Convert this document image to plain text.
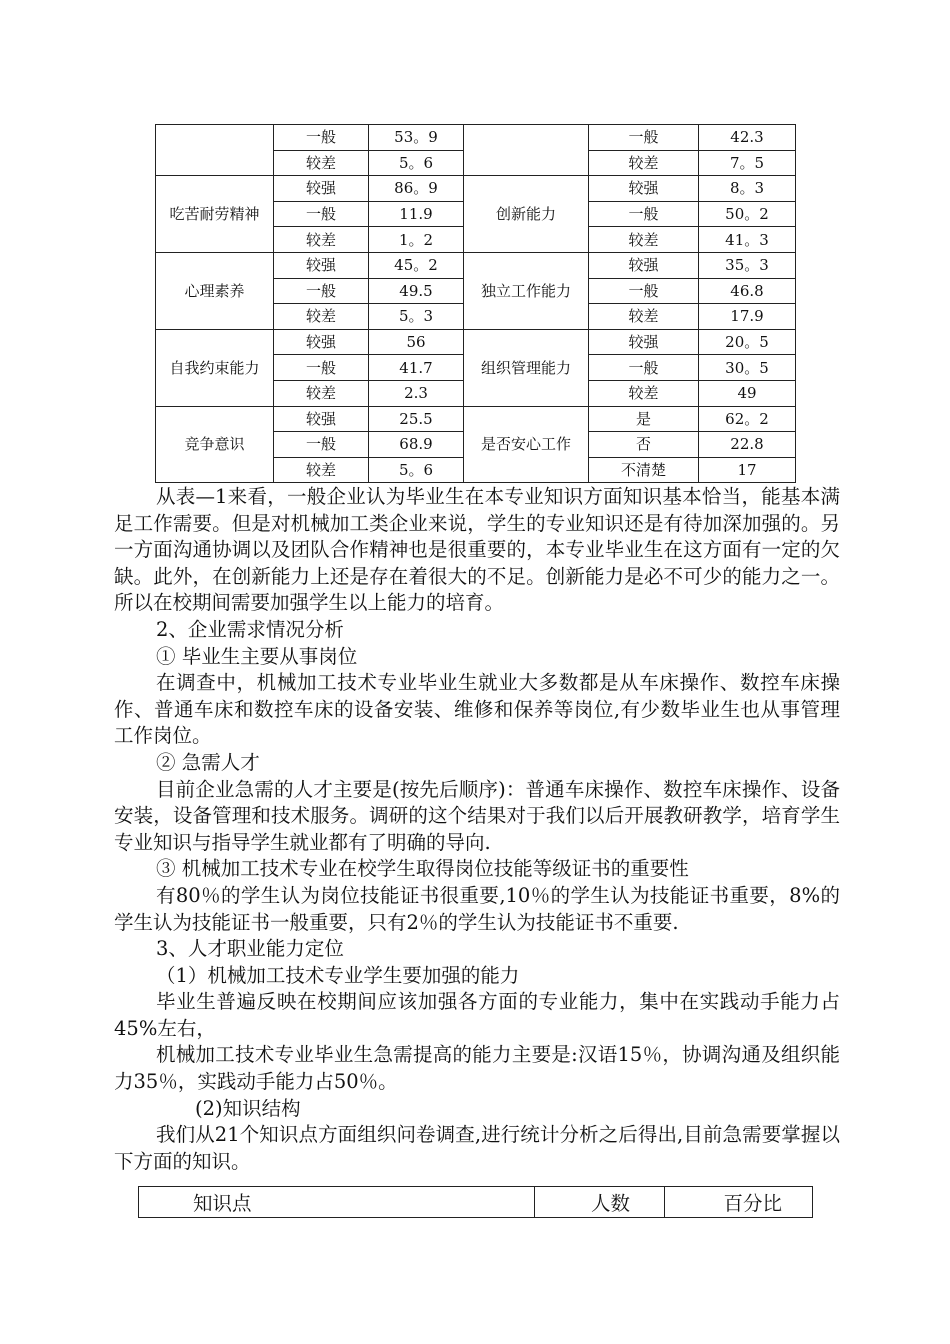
	一般	53。9		一般	42.3
	较差	5。6		较差	7。5
吃苦耐劳精神	较强	86。9	创新能力	较强	8。3
	一般	11.9		一般	50。2
	较差	1。2		较差	41。3
心理素养	较强	45。2	独立工作能力	较强	35。3
	一般	49.5		一般	46.8
	较差	5。3		较差	17.9
自我约束能力	较强	56	组织管理能力	较强	20。5
	一般	41.7		一般	30。5
	较差	2.3		较差	49
竞争意识	较强	25.5	是否安心工作	是	62。2
	一般	68.9		否	22.8
	较差	5。6		不清楚	17

从表—1来看，一般企业认为毕业生在本专业知识方面知识基本恰当，能基本满足工作需要。但是对机械加工类企业来说，学生的专业知识还是有待加深加强的。另一方面沟通协调以及团队合作精神也是很重要的，本专业毕业生在这方面有一定的欠缺。此外，在创新能力上还是存在着很大的不足。创新能力是必不可少的能力之一。所以在校期间需要加强学生以上能力的培育。

2、企业需求情况分析

① 毕业生主要从事岗位

在调查中，机械加工技术专业毕业生就业大多数都是从车床操作、数控车床操作、普通车床和数控车床的设备安装、维修和保养等岗位,有少数毕业生也从事管理工作岗位。

② 急需人才

目前企业急需的人才主要是(按先后顺序)：普通车床操作、数控车床操作、设备安装，设备管理和技术服务。调研的这个结果对于我们以后开展教研教学，培育学生专业知识与指导学生就业都有了明确的导向.

③ 机械加工技术专业在校学生取得岗位技能等级证书的重要性

有80％的学生认为岗位技能证书很重要,10％的学生认为技能证书重要，8%的学生认为技能证书一般重要，只有2％的学生认为技能证书不重要.

3、人才职业能力定位

（1）机械加工技术专业学生要加强的能力

毕业生普遍反映在校期间应该加强各方面的专业能力，集中在实践动手能力占45%左右，

机械加工技术专业毕业生急需提高的能力主要是:汉语15％，协调沟通及组织能力35％，实践动手能力占50％。

(2)知识结构

我们从21个知识点方面组织问卷调查,进行统计分析之后得出,目前急需要掌握以下方面的知识。

知识点	人数	百分比
